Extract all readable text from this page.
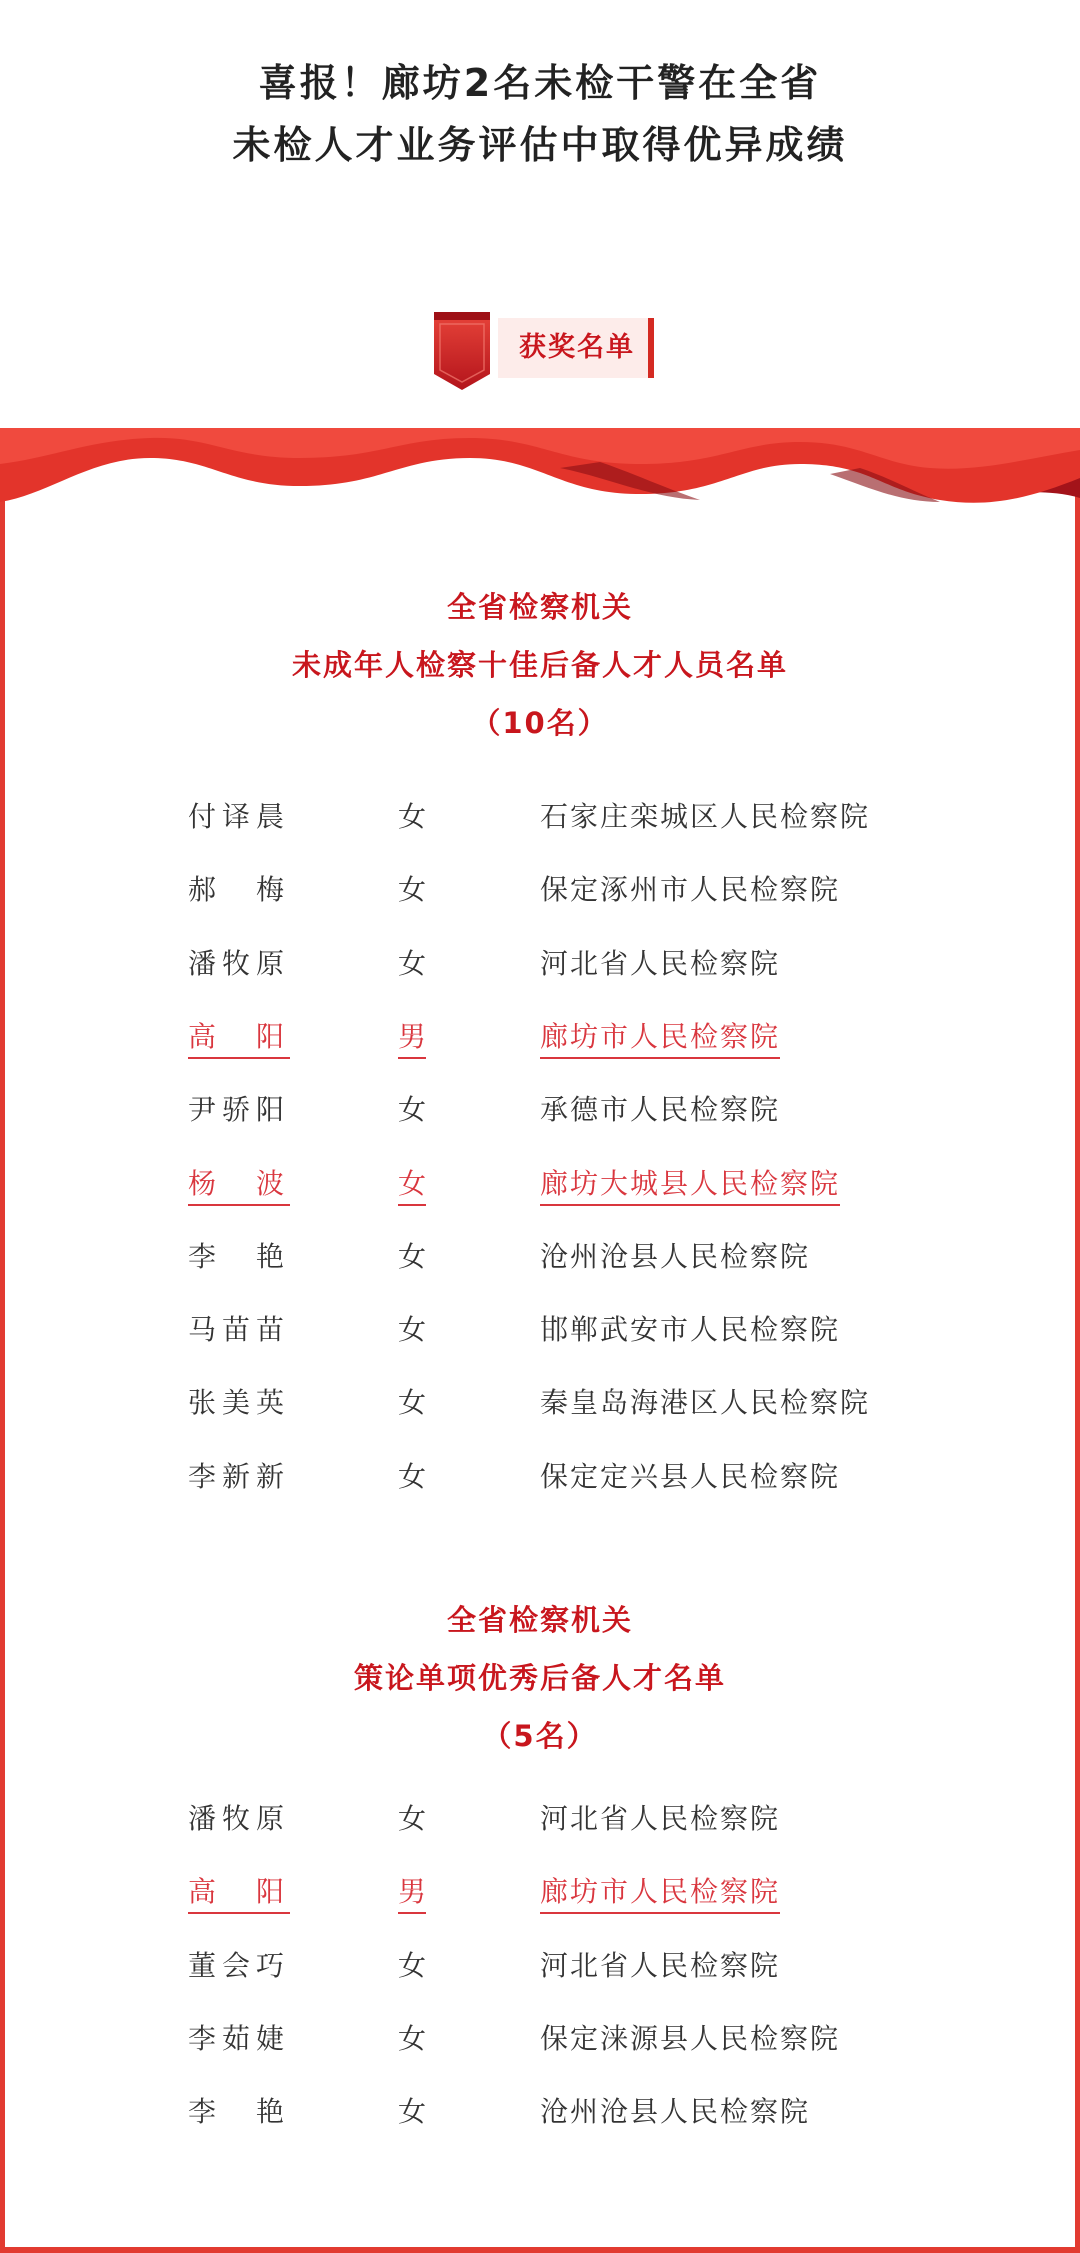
喜报！廊坊2名未检干警在全省
未检人才业务评估中取得优异成绩
获奖名单
全省检察机关
未成年人检察十佳后备人才人员名单
（10名）
付译晨	女	石家庄栾城区人民检察院
郝　梅	女	保定涿州市人民检察院
潘牧原	女	河北省人民检察院
高　阳	男	廊坊市人民检察院
尹骄阳	女	承德市人民检察院
杨　波	女	廊坊大城县人民检察院
李　艳	女	沧州沧县人民检察院
马苗苗	女	邯郸武安市人民检察院
张美英	女	秦皇岛海港区人民检察院
李新新	女	保定定兴县人民检察院
全省检察机关
策论单项优秀后备人才名单
（5名）
潘牧原	女	河北省人民检察院
高　阳	男	廊坊市人民检察院
董会巧	女	河北省人民检察院
李茹婕	女	保定涞源县人民检察院
李　艳	女	沧州沧县人民检察院
